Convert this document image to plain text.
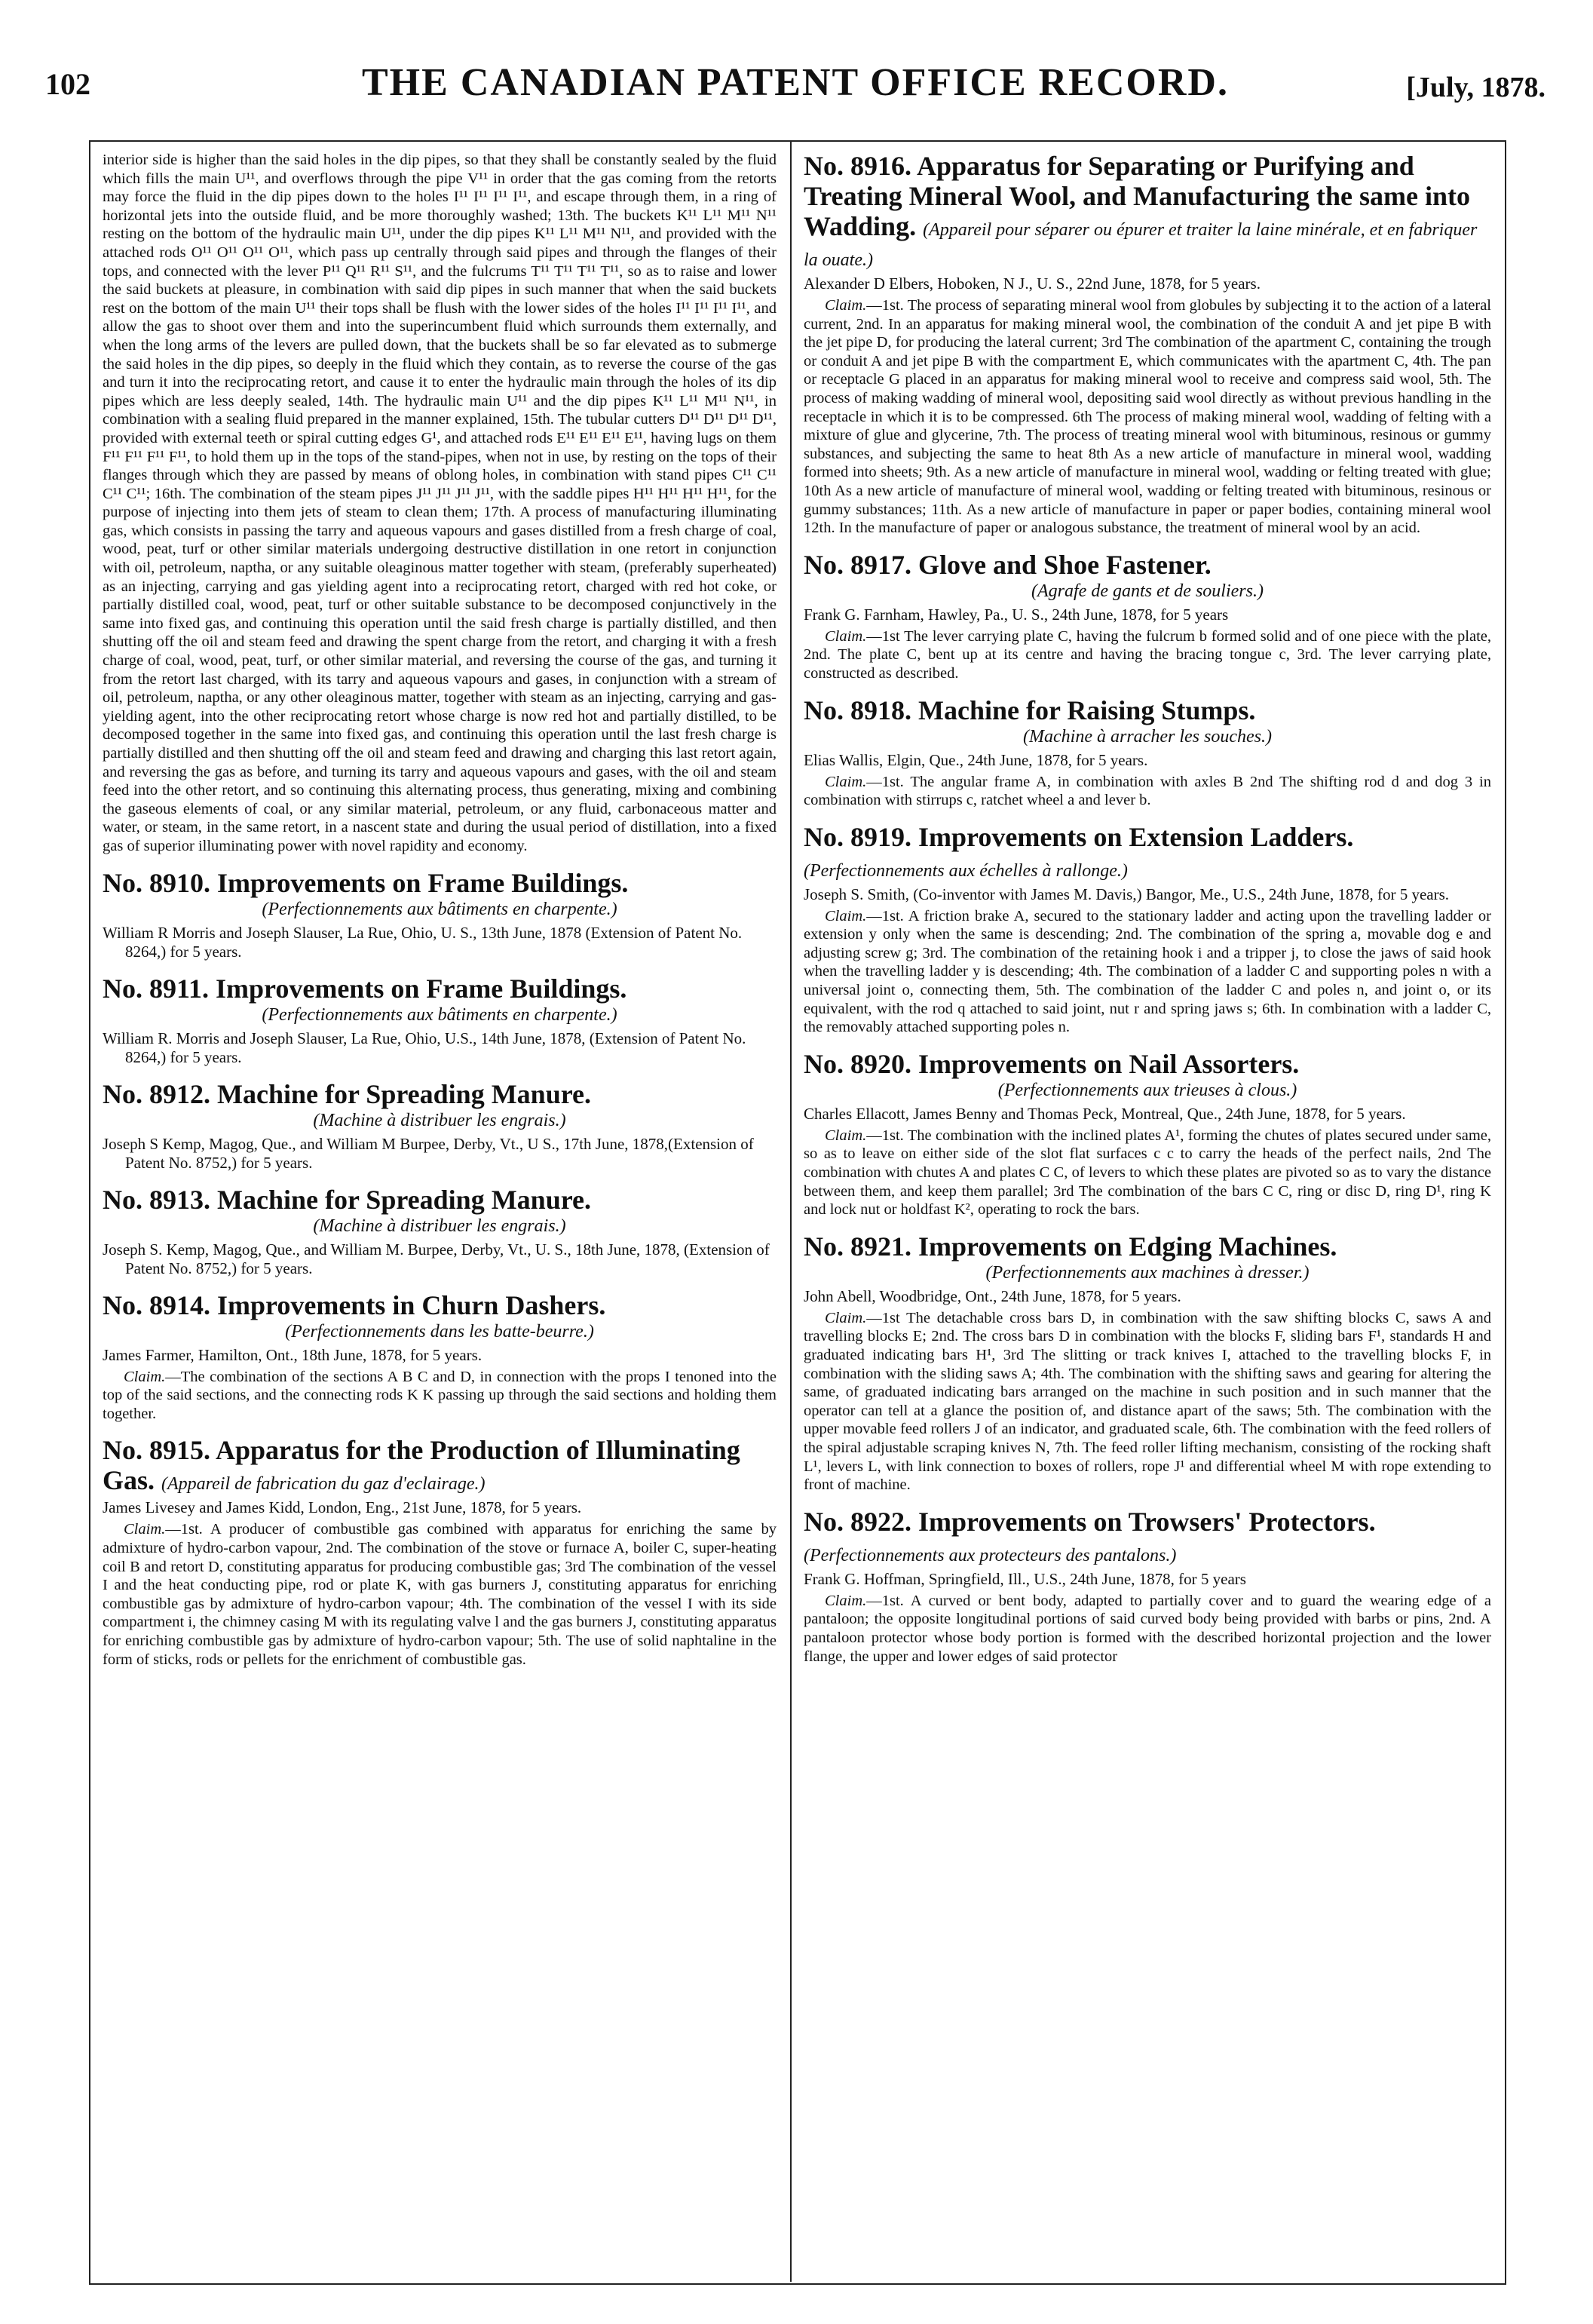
102	THE CANADIAN PATENT OFFICE RECORD.	[July, 1878.

interior side is higher than the said holes in the dip pipes, so that they shall be constantly sealed by the fluid which fills the main U¹¹, and overflows through the pipe V¹¹ in order that the gas coming from the retorts may force the fluid in the dip pipes down to the holes I¹¹ I¹¹ I¹¹ I¹¹, and escape through them, in a ring of horizontal jets into the outside fluid, and be more thoroughly washed; 13th. The buckets K¹¹ L¹¹ M¹¹ N¹¹ resting on the bottom of the hydraulic main U¹¹, under the dip pipes K¹¹ L¹¹ M¹¹ N¹¹, and provided with the attached rods O¹¹ O¹¹ O¹¹ O¹¹, which pass up centrally through said pipes and through the flanges of their tops, and connected with the lever P¹¹ Q¹¹ R¹¹ S¹¹, and the fulcrums T¹¹ T¹¹ T¹¹ T¹¹, so as to raise and lower the said buckets at pleasure, in combination with said dip pipes in such manner that when the said buckets rest on the bottom of the main U¹¹ their tops shall be flush with the lower sides of the holes I¹¹ I¹¹ I¹¹ I¹¹, and allow the gas to shoot over them and into the superincumbent fluid which surrounds them externally, and when the long arms of the levers are pulled down, that the buckets shall be so far elevated as to submerge the said holes in the dip pipes, so deeply in the fluid which they contain, as to reverse the course of the gas and turn it into the reciprocating retort, and cause it to enter the hydraulic main through the holes of its dip pipes which are less deeply sealed, 14th. The hydraulic main U¹¹ and the dip pipes K¹¹ L¹¹ M¹¹ N¹¹, in combination with a sealing fluid prepared in the manner explained, 15th. The tubular cutters D¹¹ D¹¹ D¹¹ D¹¹, provided with external teeth or spiral cutting edges G¹, and attached rods E¹¹ E¹¹ E¹¹ E¹¹, having lugs on them F¹¹ F¹¹ F¹¹ F¹¹, to hold them up in the tops of the stand-pipes, when not in use, by resting on the tops of their flanges through which they are passed by means of oblong holes, in combination with stand pipes C¹¹ C¹¹ C¹¹ C¹¹; 16th. The combination of the steam pipes J¹¹ J¹¹ J¹¹ J¹¹, with the saddle pipes H¹¹ H¹¹ H¹¹ H¹¹, for the purpose of injecting into them jets of steam to clean them; 17th. A process of manufacturing illuminating gas, which consists in passing the tarry and aqueous vapours and gases distilled from a fresh charge of coal, wood, peat, turf or other similar materials undergoing destructive distillation in one retort in conjunction with oil, petroleum, naptha, or any suitable oleaginous matter together with steam, (preferably superheated) as an injecting, carrying and gas yielding agent into a reciprocating retort, charged with red hot coke, or partially distilled coal, wood, peat, turf or other suitable substance to be decomposed conjunctively in the same into fixed gas, and continuing this operation until the said fresh charge is partially distilled, and then shutting off the oil and steam feed and drawing the spent charge from the retort, and charging it with a fresh charge of coal, wood, peat, turf, or other similar material, and reversing the course of the gas, and turning it from the retort last charged, with its tarry and aqueous vapours and gases, in conjunction with a stream of oil, petroleum, naptha, or any other oleaginous matter, together with steam as an injecting, carrying and gas-yielding agent, into the other reciprocating retort whose charge is now red hot and partially distilled, to be decomposed together in the same into fixed gas, and continuing this operation until the last fresh charge is partially distilled and then shutting off the oil and steam feed and drawing and charging this last retort again, and reversing the gas as before, and turning its tarry and aqueous vapours and gases, with the oil and steam feed into the other retort, and so continuing this alternating process, thus generating, mixing and combining the gaseous elements of coal, or any similar material, petroleum, or any fluid, carbonaceous matter and water, or steam, in the same retort, in a nascent state and during the usual period of distillation, into a fixed gas of superior illuminating power with novel rapidity and economy.

No. 8910. Improvements on Frame Buildings.

(Perfectionnements aux bâtiments en charpente.)

William R Morris and Joseph Slauser, La Rue, Ohio, U. S., 13th June, 1878 (Extension of Patent No. 8264,) for 5 years.

No. 8911. Improvements on Frame Buildings.

(Perfectionnements aux bâtiments en charpente.)

William R. Morris and Joseph Slauser, La Rue, Ohio, U.S., 14th June, 1878, (Extension of Patent No. 8264,) for 5 years.

No. 8912. Machine for Spreading Manure.

(Machine à distribuer les engrais.)

Joseph S Kemp, Magog, Que., and William M Burpee, Derby, Vt., U S., 17th June, 1878,(Extension of Patent No. 8752,) for 5 years.

No. 8913. Machine for Spreading Manure.

(Machine à distribuer les engrais.)

Joseph S. Kemp, Magog, Que., and William M. Burpee, Derby, Vt., U. S., 18th June, 1878, (Extension of Patent No. 8752,) for 5 years.

No. 8914. Improvements in Churn Dashers.

(Perfectionnements dans les batte-beurre.)

James Farmer, Hamilton, Ont., 18th June, 1878, for 5 years.

Claim.—The combination of the sections A B C and D, in connection with the props I tenoned into the top of the said sections, and the connecting rods K K passing up through the said sections and holding them together.

No. 8915. Apparatus for the Production of Illuminating Gas. (Appareil de fabrication du gaz d'eclairage.)

James Livesey and James Kidd, London, Eng., 21st June, 1878, for 5 years.

Claim.—1st. A producer of combustible gas combined with apparatus for enriching the same by admixture of hydro-carbon vapour, 2nd. The combination of the stove or furnace A, boiler C, super-heating coil B and retort D, constituting apparatus for producing combustible gas; 3rd The combination of the vessel I and the heat conducting pipe, rod or plate K, with gas burners J, constituting apparatus for enriching combustible gas by admixture of hydro-carbon vapour; 4th. The combination of the vessel I with its side compartment i, the chimney casing M with its regulating valve l and the gas burners J, constituting apparatus for enriching combustible gas by admixture of hydro-carbon vapour; 5th. The use of solid naphtaline in the form of sticks, rods or pellets for the enrichment of combustible gas.

No. 8916. Apparatus for Separating or Purifying and Treating Mineral Wool, and Manufacturing the same into Wadding. (Appareil pour séparer ou épurer et traiter la laine minérale, et en fabriquer la ouate.)

Alexander D Elbers, Hoboken, N J., U. S., 22nd June, 1878, for 5 years.

Claim.—1st. The process of separating mineral wool from globules by subjecting it to the action of a lateral current, 2nd. In an apparatus for making mineral wool, the combination of the conduit A and jet pipe B with the jet pipe D, for producing the lateral current; 3rd The combination of the apartment C, containing the trough or conduit A and jet pipe B with the compartment E, which communicates with the apartment C, 4th. The pan or receptacle G placed in an apparatus for making mineral wool to receive and compress said wool, 5th. The process of making wadding of mineral wool, depositing said wool directly as without previous handling in the receptacle in which it is to be compressed. 6th The process of making mineral wool, wadding of felting with a mixture of glue and glycerine, 7th. The process of treating mineral wool with bituminous, resinous or gummy substances, and subjecting the same to heat 8th As a new article of manufacture in mineral wool, wadding formed into sheets; 9th. As a new article of manufacture in mineral wool, wadding or felting treated with glue; 10th As a new article of manufacture of mineral wool, wadding or felting treated with bituminous, resinous or gummy substances; 11th. As a new article of manufacture in paper or paper bodies, containing mineral wool 12th. In the manufacture of paper or analogous substance, the treatment of mineral wool by an acid.

No. 8917. Glove and Shoe Fastener.

(Agrafe de gants et de souliers.)

Frank G. Farnham, Hawley, Pa., U. S., 24th June, 1878, for 5 years

Claim.—1st The lever carrying plate C, having the fulcrum b formed solid and of one piece with the plate, 2nd. The plate C, bent up at its centre and having the bracing tongue c, 3rd. The lever carrying plate, constructed as described.

No. 8918. Machine for Raising Stumps.

(Machine à arracher les souches.)

Elias Wallis, Elgin, Que., 24th June, 1878, for 5 years.

Claim.—1st. The angular frame A, in combination with axles B 2nd The shifting rod d and dog 3 in combination with stirrups c, ratchet wheel a and lever b.

No. 8919. Improvements on Extension Ladders. (Perfectionnements aux échelles à rallonge.)

Joseph S. Smith, (Co-inventor with James M. Davis,) Bangor, Me., U.S., 24th June, 1878, for 5 years.

Claim.—1st. A friction brake A, secured to the stationary ladder and acting upon the travelling ladder or extension y only when the same is descending; 2nd. The combination of the spring a, movable dog e and adjusting screw g; 3rd. The combination of the retaining hook i and a tripper j, to close the jaws of said hook when the travelling ladder y is descending; 4th. The combination of a ladder C and supporting poles n with a universal joint o, connecting them, 5th. The combination of the ladder C and poles n, and joint o, or its equivalent, with the rod q attached to said joint, nut r and spring jaws s; 6th. In combination with a ladder C, the removably attached supporting poles n.

No. 8920. Improvements on Nail Assorters.

(Perfectionnements aux trieuses à clous.)

Charles Ellacott, James Benny and Thomas Peck, Montreal, Que., 24th June, 1878, for 5 years.

Claim.—1st. The combination with the inclined plates A¹, forming the chutes of plates secured under same, so as to leave on either side of the slot flat surfaces c c to carry the heads of the perfect nails, 2nd The combination with chutes A and plates C C, of levers to which these plates are pivoted so as to vary the distance between them, and keep them parallel; 3rd The combination of the bars C C, ring or disc D, ring D¹, ring K and lock nut or holdfast K², operating to rock the bars.

No. 8921. Improvements on Edging Machines.

(Perfectionnements aux machines à dresser.)

John Abell, Woodbridge, Ont., 24th June, 1878, for 5 years.

Claim.—1st The detachable cross bars D, in combination with the saw shifting blocks C, saws A and travelling blocks E; 2nd. The cross bars D in combination with the blocks F, sliding bars F¹, standards H and graduated indicating bars H¹, 3rd The slitting or track knives I, attached to the travelling blocks F, in combination with the sliding saws A; 4th. The combination with the shifting saws and gearing for altering the same, of graduated indicating bars arranged on the machine in such position and in such manner that the operator can tell at a glance the position of, and distance apart of the saws; 5th. The combination with the upper movable feed rollers J of an indicator, and graduated scale, 6th. The combination with the feed rollers of the spiral adjustable scraping knives N, 7th. The feed roller lifting mechanism, consisting of the rocking shaft L¹, levers L, with link connection to boxes of rollers, rope J¹ and differential wheel M with rope extending to front of machine.

No. 8922. Improvements on Trowsers' Protectors. (Perfectionnements aux protecteurs des pantalons.)

Frank G. Hoffman, Springfield, Ill., U.S., 24th June, 1878, for 5 years

Claim.—1st. A curved or bent body, adapted to partially cover and to guard the wearing edge of a pantaloon; the opposite longitudinal portions of said curved body being provided with barbs or pins, 2nd. A pantaloon protector whose body portion is formed with the described horizontal projection and the lower flange, the upper and lower edges of said protector
